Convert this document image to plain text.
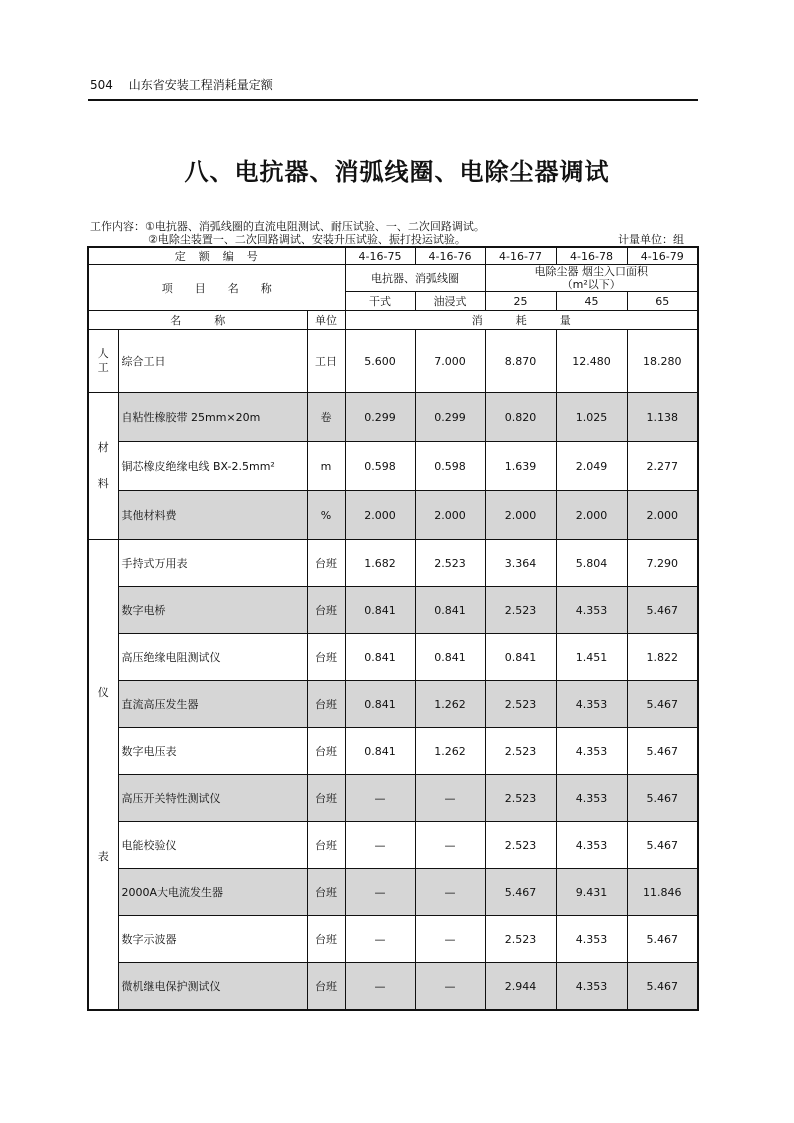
504 山东省安装工程消耗量定额
八、电抗器、消弧线圈、电除尘器调试
工作内容：①电抗器、消弧线圈的直流电阻测试、耐压试验、一、二次回路调试。
②电除尘装置一、二次回路调试、安装升压试验、振打投运试验。	计量单位：组
定　额　编　号			4-16-75	4-16-76	4-16-77	4-16-78	4-16-79
项　　目　　名　　称			电抗器、消弧线圈		电除尘器 烟尘入口面积
（m²以下）		

			干式	油浸式	25	45	65
名　　　称		单位	消　　　耗　　　量				

人
工	综合工日	工日	5.600	7.000	8.870	12.480	18.280

材
料	自粘性橡胶带 25mm×20m	卷	0.299	0.299	0.820	1.025	1.138
	铜芯橡皮绝缘电线 BX-2.5mm²	m	0.598	0.598	1.639	2.049	2.277
	其他材料费	%	2.000	2.000	2.000	2.000	2.000

仪
表	手持式万用表	台班	1.682	2.523	3.364	5.804	7.290
	数字电桥	台班	0.841	0.841	2.523	4.353	5.467
	高压绝缘电阻测试仪	台班	0.841	0.841	0.841	1.451	1.822
	直流高压发生器	台班	0.841	1.262	2.523	4.353	5.467
	数字电压表	台班	0.841	1.262	2.523	4.353	5.467
	高压开关特性测试仪	台班	—	—	2.523	4.353	5.467
	电能校验仪	台班	—	—	2.523	4.353	5.467
	2000A大电流发生器	台班	—	—	5.467	9.431	11.846
	数字示波器	台班	—	—	2.523	4.353	5.467
	微机继电保护测试仪	台班	—	—	2.944	4.353	5.467
